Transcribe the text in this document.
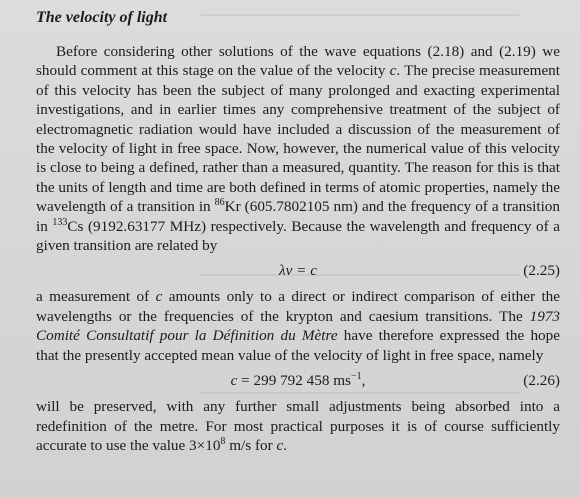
The velocity of light

Before considering other solutions of the wave equations (2.18) and (2.19) we should comment at this stage on the value of the velocity c. The precise measurement of this velocity has been the subject of many prolonged and exacting experimental investigations, and in earlier times any comprehensive treatment of the subject of electromagnetic radiation would have included a discussion of the measurement of the velocity of light in free space. Now, however, the numerical value of this velocity is close to being a defined, rather than a measured, quantity. The reason for this is that the units of length and time are both defined in terms of atomic properties, namely the wavelength of a transition in $^{86}$Kr (605.7802105 nm) and the frequency of a transition in $^{133}$Cs (9192.63177 MHz) respectively. Because the wavelength and frequency of a given transition are related by

λν = c	(2.25)

a measurement of c amounts only to a direct or indirect comparison of either the wavelengths or the frequencies of the krypton and caesium transitions. The 1973 Comité Consultatif pour la Définition du Mètre have therefore expressed the hope that the presently accepted mean value of the velocity of light in free space, namely

c = 299 792 458 $ms^{-1}$,	(2.26)

will be preserved, with any further small adjustments being absorbed into a redefinition of the metre. For most practical purposes it is of course sufficiently accurate to use the value $3\times 10^8$ m/s for c.
